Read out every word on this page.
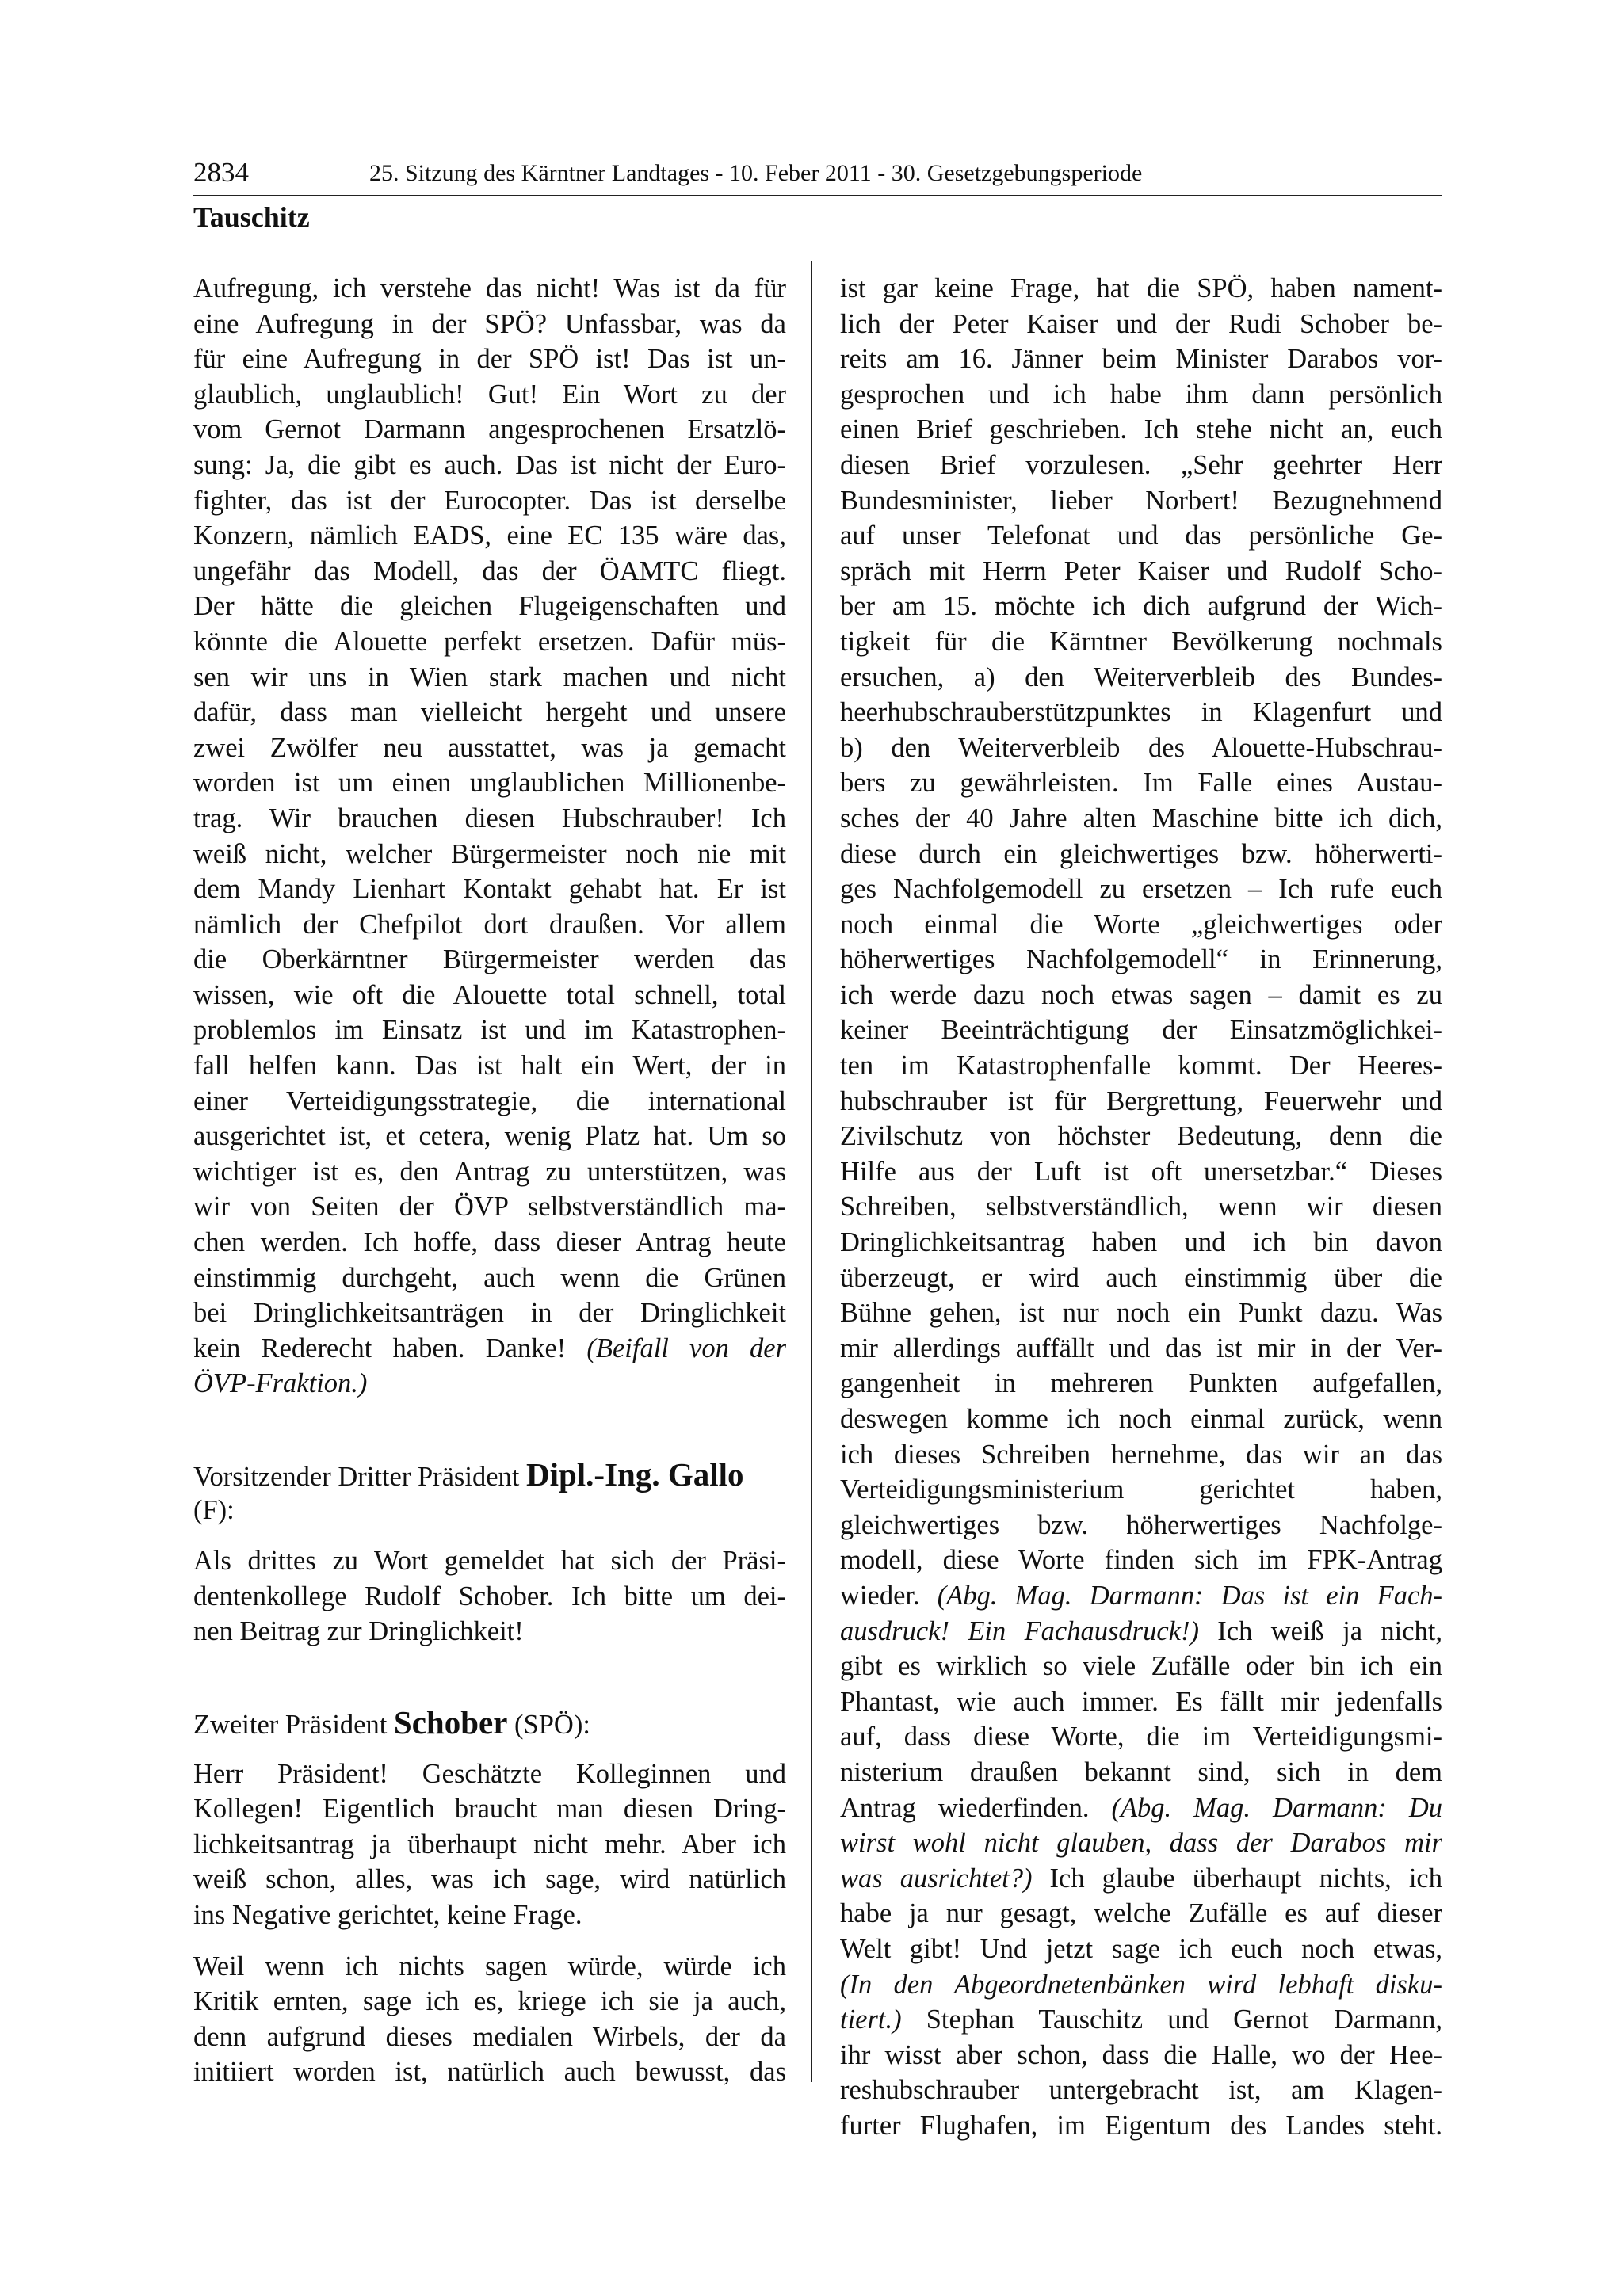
2834	25. Sitzung des Kärntner Landtages - 10. Feber 2011 - 30. Gesetzgebungsperiode
Tauschitz
Aufregung, ich verstehe das nicht! Was ist da für
eine Aufregung in der SPÖ? Unfassbar, was da
für eine Aufregung in der SPÖ ist! Das ist un-
glaublich, unglaublich! Gut! Ein Wort zu der
vom Gernot Darmann angesprochenen Ersatzlö-
sung: Ja, die gibt es auch. Das ist nicht der Euro-
fighter, das ist der Eurocopter. Das ist derselbe
Konzern, nämlich EADS, eine EC 135 wäre das,
ungefähr das Modell, das der ÖAMTC fliegt.
Der hätte die gleichen Flugeigenschaften und
könnte die Alouette perfekt ersetzen. Dafür müs-
sen wir uns in Wien stark machen und nicht
dafür, dass man vielleicht hergeht und unsere
zwei Zwölfer neu ausstattet, was ja gemacht
worden ist um einen unglaublichen Millionenbe-
trag. Wir brauchen diesen Hubschrauber! Ich
weiß nicht, welcher Bürgermeister noch nie mit
dem Mandy Lienhart Kontakt gehabt hat. Er ist
nämlich der Chefpilot dort draußen. Vor allem
die Oberkärntner Bürgermeister werden das
wissen, wie oft die Alouette total schnell, total
problemlos im Einsatz ist und im Katastrophen-
fall helfen kann. Das ist halt ein Wert, der in
einer Verteidigungsstrategie, die international
ausgerichtet ist, et cetera, wenig Platz hat. Um so
wichtiger ist es, den Antrag zu unterstützen, was
wir von Seiten der ÖVP selbstverständlich ma-
chen werden. Ich hoffe, dass dieser Antrag heute
einstimmig durchgeht, auch wenn die Grünen
bei Dringlichkeitsanträgen in der Dringlichkeit
kein Rederecht haben. Danke! (Beifall von der
ÖVP-Fraktion.)
Vorsitzender Dritter Präsident Dipl.-Ing. Gallo
(F):
Als drittes zu Wort gemeldet hat sich der Präsi-
dentenkollege Rudolf Schober. Ich bitte um dei-
nen Beitrag zur Dringlichkeit!
Zweiter Präsident Schober (SPÖ):
Herr Präsident! Geschätzte Kolleginnen und
Kollegen! Eigentlich braucht man diesen Dring-
lichkeitsantrag ja überhaupt nicht mehr. Aber ich
weiß schon, alles, was ich sage, wird natürlich
ins Negative gerichtet, keine Frage.
Weil wenn ich nichts sagen würde, würde ich
Kritik ernten, sage ich es, kriege ich sie ja auch,
denn aufgrund dieses medialen Wirbels, der da
initiiert worden ist, natürlich auch bewusst, das
ist gar keine Frage, hat die SPÖ, haben nament-
lich der Peter Kaiser und der Rudi Schober be-
reits am 16. Jänner beim Minister Darabos vor-
gesprochen und ich habe ihm dann persönlich
einen Brief geschrieben. Ich stehe nicht an, euch
diesen Brief vorzulesen. „Sehr geehrter Herr
Bundesminister, lieber Norbert! Bezugnehmend
auf unser Telefonat und das persönliche Ge-
spräch mit Herrn Peter Kaiser und Rudolf Scho-
ber am 15. möchte ich dich aufgrund der Wich-
tigkeit für die Kärntner Bevölkerung nochmals
ersuchen, a) den Weiterverbleib des Bundes-
heerhubschrauberstützpunktes in Klagenfurt und
b) den Weiterverbleib des Alouette-Hubschrau-
bers zu gewährleisten. Im Falle eines Austau-
sches der 40 Jahre alten Maschine bitte ich dich,
diese durch ein gleichwertiges bzw. höherwerti-
ges Nachfolgemodell zu ersetzen – Ich rufe euch
noch einmal die Worte „gleichwertiges oder
höherwertiges Nachfolgemodell“ in Erinnerung,
ich werde dazu noch etwas sagen – damit es zu
keiner Beeinträchtigung der Einsatzmöglichkei-
ten im Katastrophenfalle kommt. Der Heeres-
hubschrauber ist für Bergrettung, Feuerwehr und
Zivilschutz von höchster Bedeutung, denn die
Hilfe aus der Luft ist oft unersetzbar.“ Dieses
Schreiben, selbstverständlich, wenn wir diesen
Dringlichkeitsantrag haben und ich bin davon
überzeugt, er wird auch einstimmig über die
Bühne gehen, ist nur noch ein Punkt dazu. Was
mir allerdings auffällt und das ist mir in der Ver-
gangenheit in mehreren Punkten aufgefallen,
deswegen komme ich noch einmal zurück, wenn
ich dieses Schreiben hernehme, das wir an das
Verteidigungsministerium gerichtet haben,
gleichwertiges bzw. höherwertiges Nachfolge-
modell, diese Worte finden sich im FPK-Antrag
wieder. (Abg. Mag. Darmann: Das ist ein Fach-
ausdruck! Ein Fachausdruck!) Ich weiß ja nicht,
gibt es wirklich so viele Zufälle oder bin ich ein
Phantast, wie auch immer. Es fällt mir jedenfalls
auf, dass diese Worte, die im Verteidigungsmi-
nisterium draußen bekannt sind, sich in dem
Antrag wiederfinden. (Abg. Mag. Darmann: Du
wirst wohl nicht glauben, dass der Darabos mir
was ausrichtet?) Ich glaube überhaupt nichts, ich
habe ja nur gesagt, welche Zufälle es auf dieser
Welt gibt! Und jetzt sage ich euch noch etwas,
(In den Abgeordnetenbänken wird lebhaft disku-
tiert.) Stephan Tauschitz und Gernot Darmann,
ihr wisst aber schon, dass die Halle, wo der Hee-
reshubschrauber untergebracht ist, am Klagen-
furter Flughafen, im Eigentum des Landes steht.
